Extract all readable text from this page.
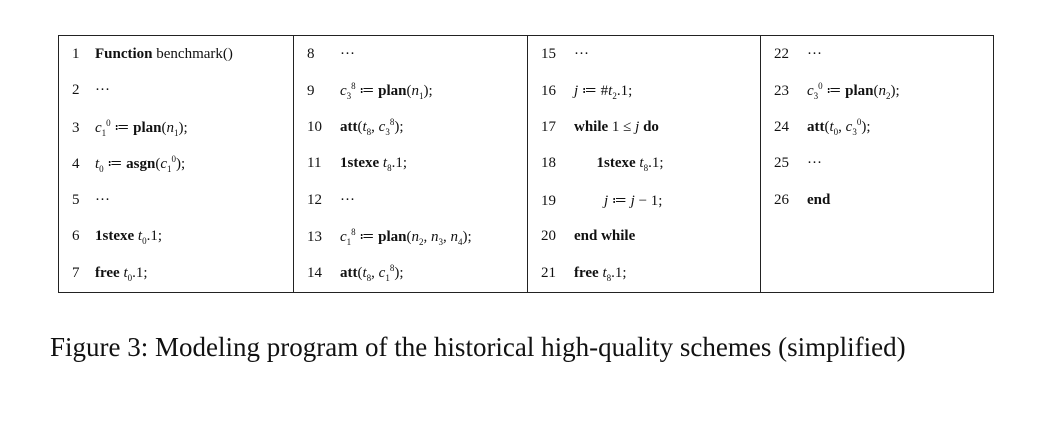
1 Function benchmark()	8 ···	15 ···	22 ···
2 ···	9 $c_3^8$ ≔ $plan(n_1)$;	16 j ≔ $\#t_2.1$;	23 $c_3^0$ ≔ $plan(n_2)$;
3 $c_1^0$ ≔ $plan(n_1)$;	10 $att(t_8$, $c_3^8$);	17 while 1 ≤ j do	24 $att(t_0$, $c_3^0$);
4 $t_0$ ≔ $asgn(c_1^0)$;	11 1stexe $t_8.1$;	18 1stexe $t_8.1$;	25 ···
5 ···	12 ···	19 j ≔ j − 1;	26 end
6 1stexe $t_0.1$;	13 $c_1^8$ ≔ $plan(n_2$, $n_3$, $n_4$);	20 end while	
7 free $t_0.1$;	14 $att(t_8$, $c_1^8$);	21 free $t_8.1$;	
Figure 3: Modeling program of the historical high-quality schemes (simplified)
